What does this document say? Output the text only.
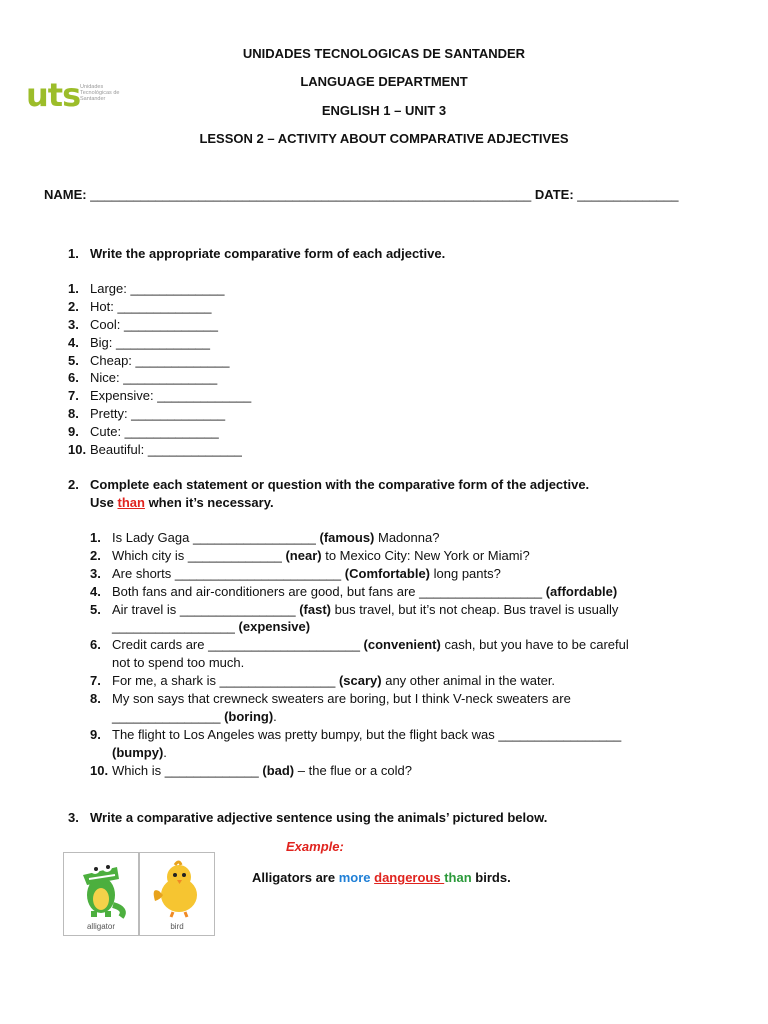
UNIDADES TECNOLOGICAS DE SANTANDER
LANGUAGE DEPARTMENT
ENGLISH 1 – UNIT 3
LESSON 2 – ACTIVITY ABOUT COMPARATIVE ADJECTIVES
uts Unidades Tecnológicas de Santander
NAME: _____________________________________________________________ DATE: ______________
1. Write the appropriate comparative form of each adjective.
1. Large: _____________
2. Hot: _____________
3. Cool: _____________
4. Big: _____________
5. Cheap: _____________
6. Nice: _____________
7. Expensive: _____________
8. Pretty: _____________
9. Cute: _____________
10. Beautiful: _____________
2. Complete each statement or question with the comparative form of the adjective.
Use than when it’s necessary.
1. Is Lady Gaga _________________ (famous) Madonna?
2. Which city is _____________ (near) to Mexico City: New York or Miami?
3. Are shorts _______________________ (Comfortable) long pants?
4. Both fans and air-conditioners are good, but fans are _________________ (affordable)
5. Air travel is ________________ (fast) bus travel, but it’s not cheap. Bus travel is usually
_________________ (expensive)
6. Credit cards are _____________________ (convenient) cash, but you have to be careful
not to spend too much.
7. For me, a shark is ________________ (scary) any other animal in the water.
8. My son says that crewneck sweaters are boring, but I think V-neck sweaters are
_______________ (boring).
9. The flight to Los Angeles was pretty bumpy, but the flight back was _________________
(bumpy).
10. Which is _____________ (bad) – the flue or a cold?
3. Write a comparative adjective sentence using the animals’ pictured below.
Example:
alligator	bird
Alligators are more dangerous than birds.
